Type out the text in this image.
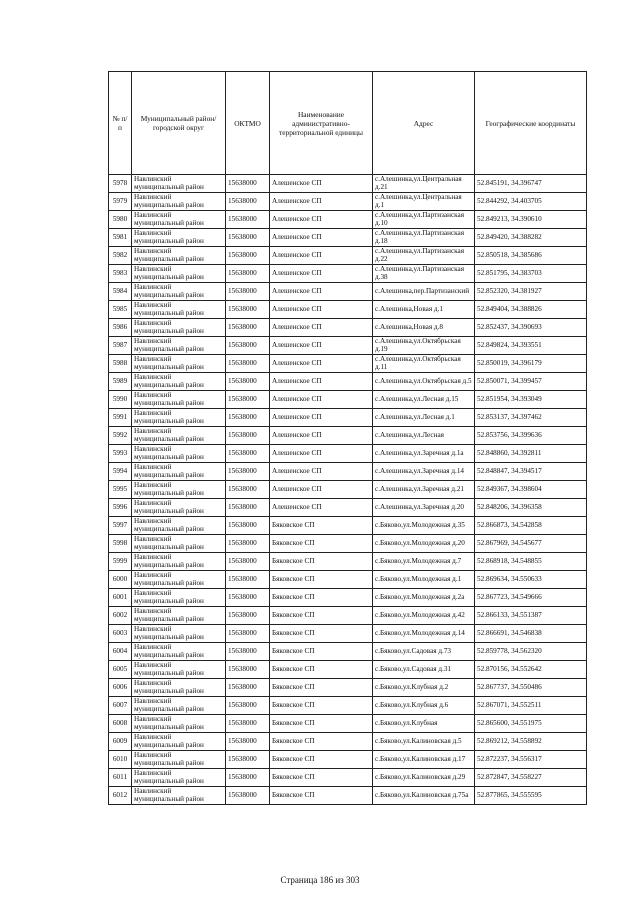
№ п/п	Муниципальный район/городской округ	ОКТМО	Наименование административно-территориальной единицы	Адрес	Географические координаты
5978	Навлинский муниципальный район	15638000	Алешенское СП	с.Алешинка,ул.Центральная д.21	52.845191, 34.396747
5979	Навлинский муниципальный район	15638000	Алешенское СП	с.Алешинка,ул.Центральная д.1	52.844292, 34.403705
5980	Навлинский муниципальный район	15638000	Алешенское СП	с.Алешинка,ул.Партизанская д.10	52.849213, 34.390610
5981	Навлинский муниципальный район	15638000	Алешенское СП	с.Алешинка,ул.Партизанская д.18	52.849420, 34.388282
5982	Навлинский муниципальный район	15638000	Алешенское СП	с.Алешинка,ул.Партизанская д.22	52.850518, 34.385686
5983	Навлинский муниципальный район	15638000	Алешенское СП	с.Алешинка,ул.Партизанская д.38	52.851795, 34.383703
5984	Навлинский муниципальный район	15638000	Алешенское СП	с.Алешинка,пер.Партизанский	52.852320, 34.381927
5985	Навлинский муниципальный район	15638000	Алешенское СП	с.Алешинка,Новая д.1	52.849404, 34.388826
5986	Навлинский муниципальный район	15638000	Алешенское СП	с.Алешинка,Новая д.8	52.852437, 34.390693
5987	Навлинский муниципальный район	15638000	Алешенское СП	с.Алешинка,ул.Октябрьская д.19	52.849824, 34.393551
5988	Навлинский муниципальный район	15638000	Алешенское СП	с.Алешинка,ул.Октябрьская д.11	52.850019, 34.396179
5989	Навлинский муниципальный район	15638000	Алешенское СП	с.Алешинка,ул.Октябрьская д.5	52.850071, 34.399457
5990	Навлинский муниципальный район	15638000	Алешенское СП	с.Алешинка,ул.Лесная д.15	52.851954, 34.393049
5991	Навлинский муниципальный район	15638000	Алешенское СП	с.Алешинка,ул.Лесная д.1	52.853137, 34.397462
5992	Навлинский муниципальный район	15638000	Алешенское СП	с.Алешинка,ул.Лесная	52.853756, 34.399636
5993	Навлинский муниципальный район	15638000	Алешенское СП	с.Алешинка,ул.Заречная д.1а	52.848860, 34.392811
5994	Навлинский муниципальный район	15638000	Алешенское СП	с.Алешинка,ул.Заречная д.14	52.848847, 34.394517
5995	Навлинский муниципальный район	15638000	Алешенское СП	с.Алешинка,ул.Заречная д.21	52.849367, 34.398604
5996	Навлинский муниципальный район	15638000	Алешенское СП	с.Алешинка,ул.Заречная д.20	52.848206, 34.396358
5997	Навлинский муниципальный район	15638000	Бяковское СП	с.Бяково,ул.Молодежная д.35	52.866873, 34.542858
5998	Навлинский муниципальный район	15638000	Бяковское СП	с.Бяково,ул.Молодежная д.20	52.867969, 34.545677
5999	Навлинский муниципальный район	15638000	Бяковское СП	с.Бяково,ул.Молодежная д.7	52.868918, 34.548855
6000	Навлинский муниципальный район	15638000	Бяковское СП	с.Бяково,ул.Молодежная д.1	52.869634, 34.550633
6001	Навлинский муниципальный район	15638000	Бяковское СП	с.Бяково,ул.Молодежная д.2а	52.867723, 34.549666
6002	Навлинский муниципальный район	15638000	Бяковское СП	с.Бяково,ул.Молодежная д.42	52.866133, 34.551387
6003	Навлинский муниципальный район	15638000	Бяковское СП	с.Бяково,ул.Молодежная д.14	52.866691, 34.546838
6004	Навлинский муниципальный район	15638000	Бяковское СП	с.Бяково,ул.Садовая д.73	52.859778, 34.562320
6005	Навлинский муниципальный район	15638000	Бяковское СП	с.Бяково,ул.Садовая д.31	52.870156, 34.552642
6006	Навлинский муниципальный район	15638000	Бяковское СП	с.Бяково,ул.Клубная д.2	52.867737, 34.550486
6007	Навлинский муниципальный район	15638000	Бяковское СП	с.Бяково,ул.Клубная д.6	52.867071, 34.552511
6008	Навлинский муниципальный район	15638000	Бяковское СП	с.Бяково,ул.Клубная	52.865600, 34.551975
6009	Навлинский муниципальный район	15638000	Бяковское СП	с.Бяково,ул.Калиновская д.5	52.869212, 34.558892
6010	Навлинский муниципальный район	15638000	Бяковское СП	с.Бяково,ул.Калиновская д.17	52.872237, 34.556317
6011	Навлинский муниципальный район	15638000	Бяковское СП	с.Бяково,ул.Калиновская д.29	52.872847, 34.558227
6012	Навлинский муниципальный район	15638000	Бяковское СП	с.Бяково,ул.Калиновская д.75а	52.877865, 34.555595
Страница 186 из 303
